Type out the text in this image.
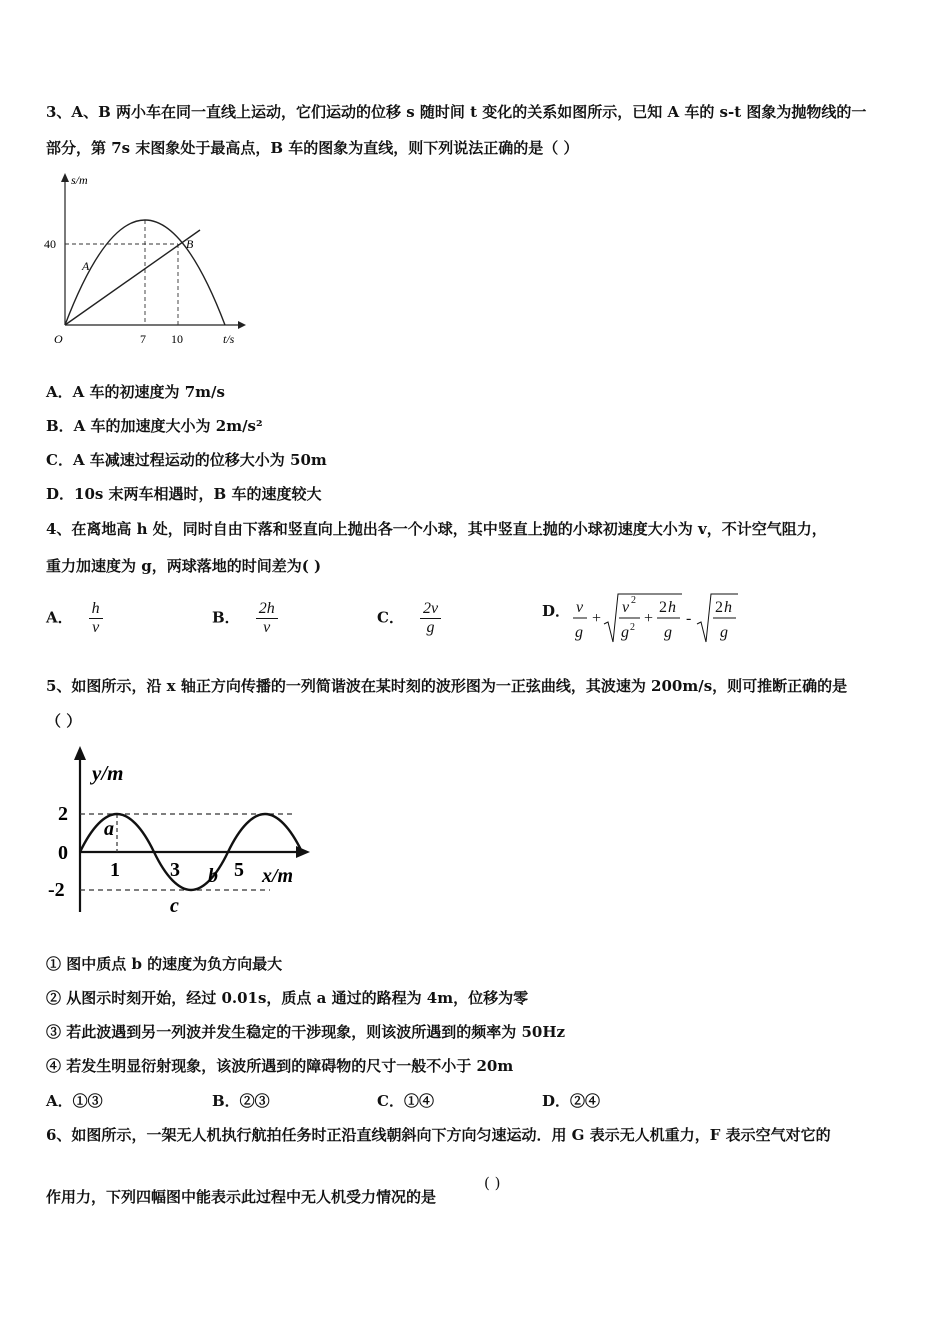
3、A、B 两小车在同一直线上运动，它们运动的位移 s 随时间 t 变化的关系如图所示，已知 A 车的 s-t 图象为抛物线的一
部分，第 7s 末图象处于最高点，B 车的图象为直线，则下列说法正确的是（ ）
s/m
t/s
O
40
7 10
A
B
A．A 车的初速度为 7m/s
B．A 车的加速度大小为 2m/s²
C．A 车减速过程运动的位移大小为 50m
D．10s 末两车相遇时，B 车的速度较大
4、在离地高 h 处，同时自由下落和竖直向上抛出各一个小球，其中竖直上抛的小球初速度大小为 v，不计空气阻力，
重力加速度为 g，两球落地的时间差为( )
A． $\frac{h}{v}$	B． $\frac{2h}{v}$	C． $\frac{2v}{g}$	D． v
g
+
v 2
g 2
+
2 h
g
-
2 h
g
5、如图所示，沿 x 轴正方向传播的一列简谐波在某时刻的波形图为一正弦曲线，其波速为 200m/s，则可推断正确的是
（ ）
y/m
x/m
2
0
-2
1	3	5
a
b
c
① 图中质点 b 的速度为负方向最大
② 从图示时刻开始，经过 0.01s，质点 a 通过的路程为 4m，位移为零
③ 若此波遇到另一列波并发生稳定的干涉现象，则该波所遇到的频率为 50Hz
④ 若发生明显衍射现象，该波所遇到的障碍物的尺寸一般不小于 20m
A．①③	B．②③	C．①④	D．②④
6、如图所示，一架无人机执行航拍任务时正沿直线朝斜向下方向匀速运动．用 G 表示无人机重力，F 表示空气对它的
作用力，下列四幅图中能表示此过程中无人机受力情况的是
( )
